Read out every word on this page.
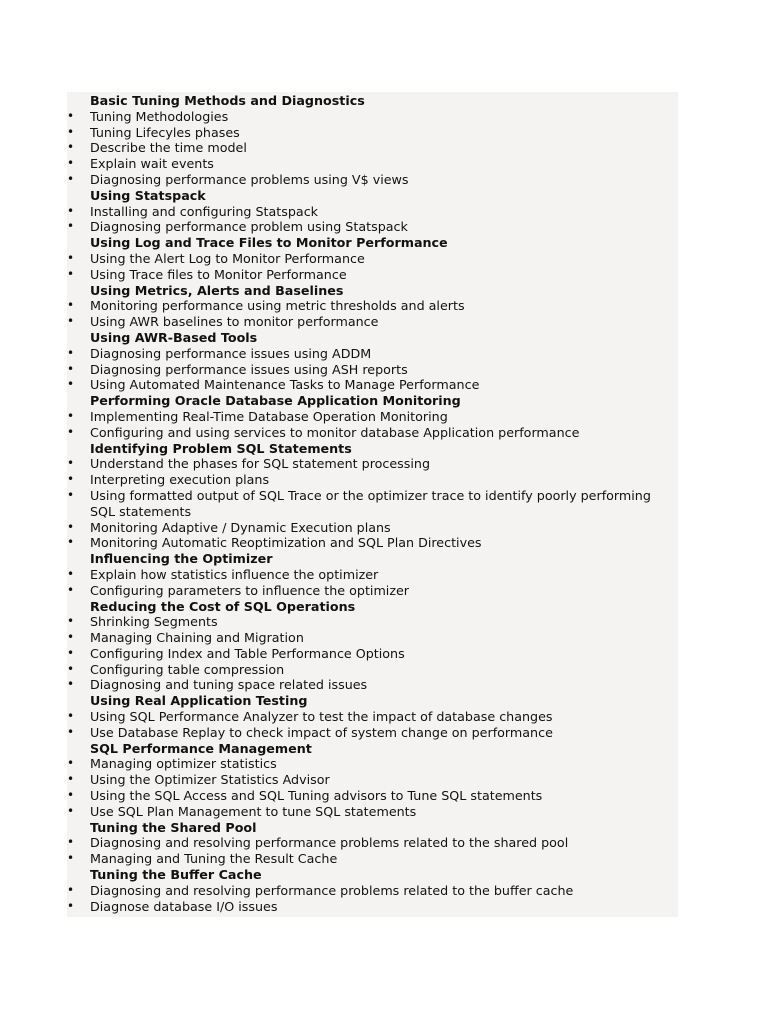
Basic Tuning Methods and Diagnostics
• Tuning Methodologies
• Tuning Lifecyles phases
• Describe the time model
• Explain wait events
• Diagnosing performance problems using V$ views
Using Statspack
• Installing and configuring Statspack
• Diagnosing performance problem using Statspack
Using Log and Trace Files to Monitor Performance
• Using the Alert Log to Monitor Performance
• Using Trace files to Monitor Performance
Using Metrics, Alerts and Baselines
• Monitoring performance using metric thresholds and alerts
• Using AWR baselines to monitor performance
Using AWR-Based Tools
• Diagnosing performance issues using ADDM
• Diagnosing performance issues using ASH reports
• Using Automated Maintenance Tasks to Manage Performance
Performing Oracle Database Application Monitoring
• Implementing Real-Time Database Operation Monitoring
• Configuring and using services to monitor database Application performance
Identifying Problem SQL Statements
• Understand the phases for SQL statement processing
• Interpreting execution plans
• Using formatted output of SQL Trace or the optimizer trace to identify poorly performing SQL statements
• Monitoring Adaptive / Dynamic Execution plans
• Monitoring Automatic Reoptimization and SQL Plan Directives
Influencing the Optimizer
• Explain how statistics influence the optimizer
• Configuring parameters to influence the optimizer
Reducing the Cost of SQL Operations
• Shrinking Segments
• Managing Chaining and Migration
• Configuring Index and Table Performance Options
• Configuring table compression
• Diagnosing and tuning space related issues
Using Real Application Testing
• Using SQL Performance Analyzer to test the impact of database changes
• Use Database Replay to check impact of system change on performance
SQL Performance Management
• Managing optimizer statistics
• Using the Optimizer Statistics Advisor
• Using the SQL Access and SQL Tuning advisors to Tune SQL statements
• Use SQL Plan Management to tune SQL statements
Tuning the Shared Pool
• Diagnosing and resolving performance problems related to the shared pool
• Managing and Tuning the Result Cache
Tuning the Buffer Cache
• Diagnosing and resolving performance problems related to the buffer cache
• Diagnose database I/O issues
